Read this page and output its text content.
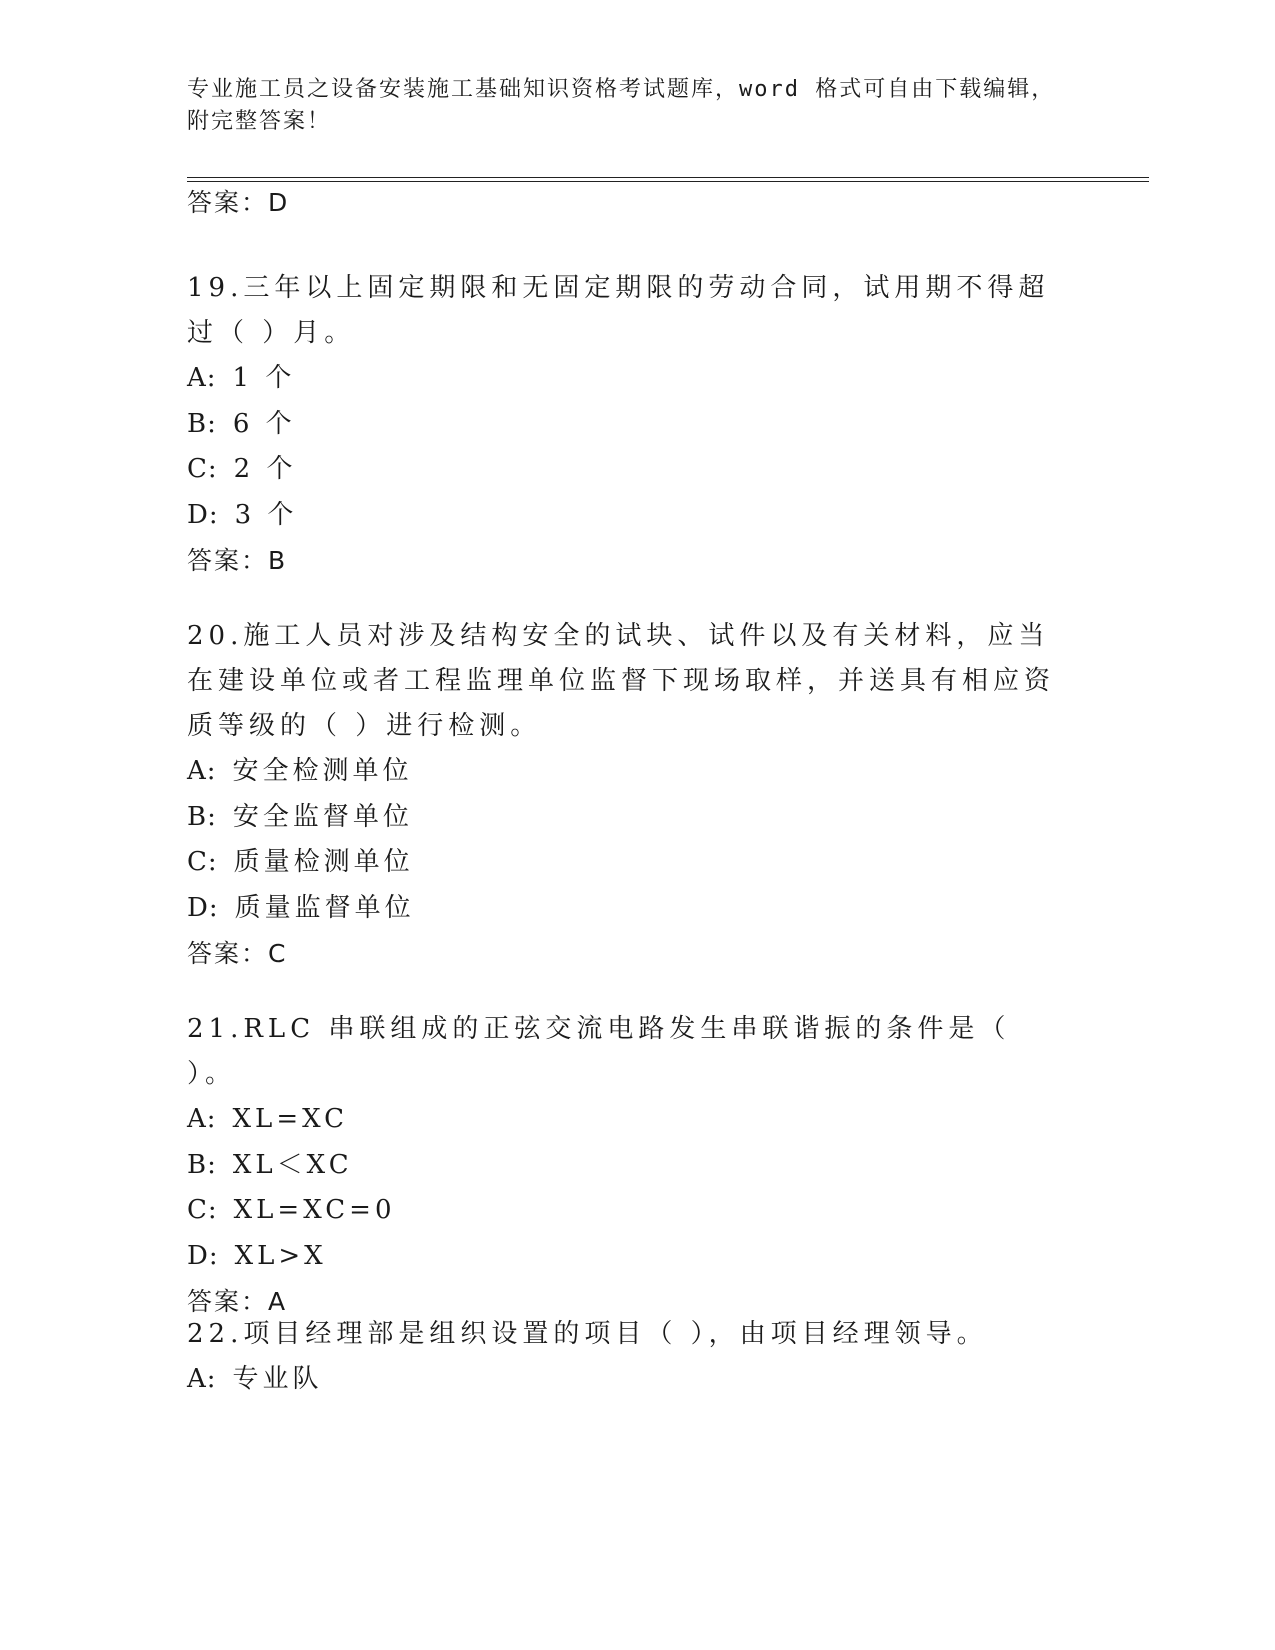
专业施工员之设备安装施工基础知识资格考试题库，word 格式可自由下载编辑，
附完整答案！
答案：D
19.三年以上固定期限和无固定期限的劳动合同，试用期不得超过（ ）月。
A: 1 个
B: 6 个
C: 2 个
D: 3 个
答案：B
20.施工人员对涉及结构安全的试块、试件以及有关材料，应当在建设单位或者工程监理单位监督下现场取样，并送具有相应资质等级的（ ）进行检测。
A: 安全检测单位
B: 安全监督单位
C: 质量检测单位
D: 质量监督单位
答案：C
21.RLC 串联组成的正弦交流电路发生串联谐振的条件是（ ）。
A: XL=XC
B: XL＜XC
C: XL=XC=0
D: XL>X
答案：A
22.项目经理部是组织设置的项目（ ），由项目经理领导。
A: 专业队
